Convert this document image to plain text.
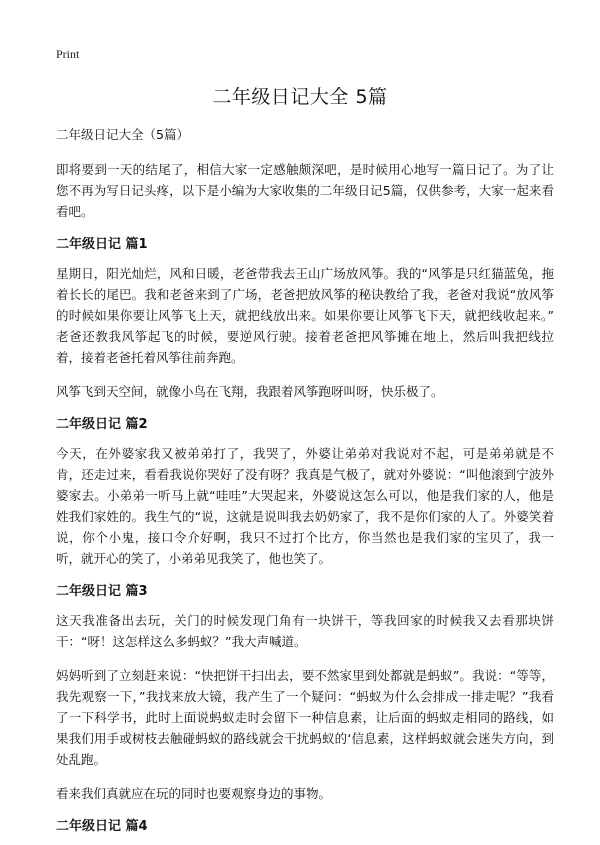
Print
二年级日记大全 5篇

二年级日记大全（5篇）

即将要到一天的结尾了，相信大家一定感触颇深吧，是时候用心地写一篇日记了。为了让您不再为写日记头疼，以下是小编为大家收集的二年级日记5篇，仅供参考，大家一起来看看吧。

二年级日记 篇1

星期日，阳光灿烂，风和日暖，老爸带我去王山广场放风筝。我的“风筝是只红猫蓝兔，拖着长长的尾巴。我和老爸来到了广场，老爸把放风筝的秘诀教给了我，老爸对我说“放风筝的时候如果你要让风筝飞上天，就把线放出来。如果你要让风筝飞下天，就把线收起来。” 老爸还教我风筝起飞的时候，要逆风行驶。接着老爸把风筝摊在地上，然后叫我把线拉着，接着老爸托着风筝往前奔跑。

风筝飞到天空间，就像小鸟在飞翔，我跟着风筝跑呀叫呀，快乐极了。

二年级日记 篇2

今天，在外婆家我又被弟弟打了，我哭了，外婆让弟弟对我说对不起，可是弟弟就是不肯，还走过来，看看我说你哭好了没有呀？我真是气极了，就对外婆说：“叫他滚到宁波外婆家去。小弟弟一听马上就“哇哇”大哭起来，外婆说这怎么可以，他是我们家的人，他是姓我们家姓的。我生气的“说，这就是说叫我去奶奶家了，我不是你们家的人了。外婆笑着说，你个小鬼，接口令介好啊，我只不过打个比方，你当然也是我们家的宝贝了，我一听，就开心的笑了，小弟弟见我笑了，他也笑了。

二年级日记 篇3

这天我准备出去玩，关门的时候发现门角有一块饼干，等我回家的时候我又去看那块饼干：“呀！这怎样这么多蚂蚁？”我大声喊道。

妈妈听到了立刻赶来说：“快把饼干扫出去，要不然家里到处都就是蚂蚁”。我说：“等等，我先观察一下，”我找来放大镜，我产生了一个疑问：“蚂蚁为什么会排成一排走呢？”我看了一下科学书，此时上面说蚂蚁走时会留下一种信息素，让后面的蚂蚁走相同的路线，如果我们用手或树枝去触碰蚂蚁的路线就会干扰蚂蚁的‘信息素，这样蚂蚁就会迷失方向，到处乱跑。

看来我们真就应在玩的同时也要观察身边的事物。

二年级日记 篇4
